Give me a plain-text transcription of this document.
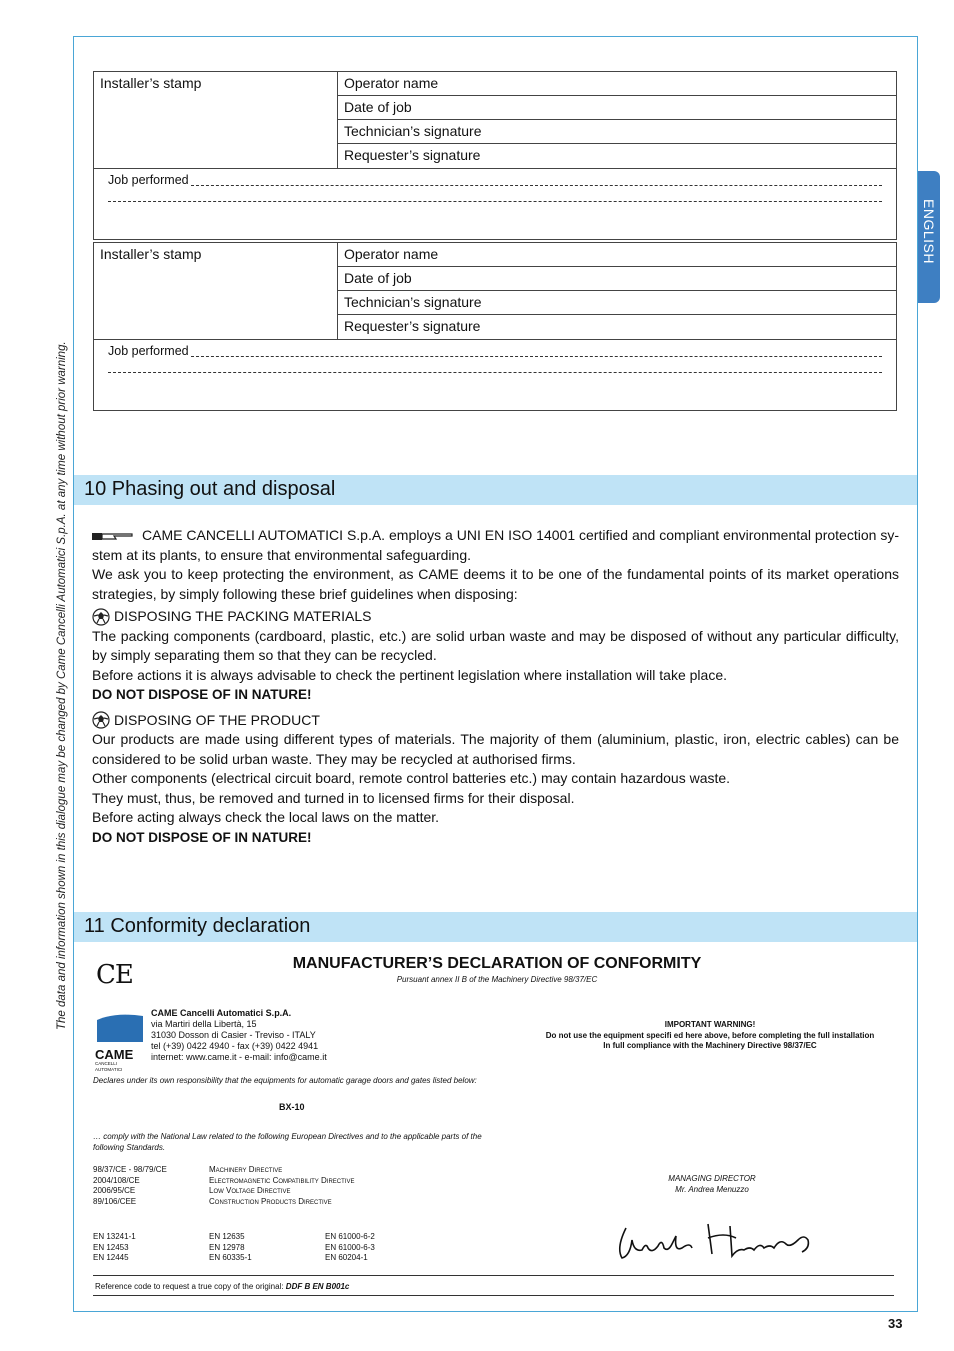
The data and information shown in this dialogue may be changed by Came Cancelli Automatici S.p.A. at any time without prior warning.
ENGLISH
Installer’s stamp	Operator name
Date of job
Technician’s signature
Requester’s signature
Job performed
Installer’s stamp	Operator name
Date of job
Technician’s signature
Requester’s signature
Job performed
10 Phasing out and disposal

CAME CANCELLI AUTOMATICI S.p.A. employs a UNI EN ISO 14001 certified and compliant environmental protection sy-stem at its plants, to ensure that environmental safeguarding.

We ask you to keep protecting the environment, as CAME deems it to be one of the fundamental points of its market operations strategies, by simply following these brief guidelines when disposing:

DISPOSING THE PACKING MATERIALS

The packing components (cardboard, plastic, etc.) are solid urban waste and may be disposed of without any particular difficulty, by simply separating them so that they can be recycled.

Before actions it is always advisable to check the pertinent legislation where installation will take place.

DO NOT DISPOSE OF IN NATURE!

DISPOSING OF THE PRODUCT

Our products are made using different types of materials. The majority of them (aluminium, plastic, iron, electric cables) can be considered to be solid urban waste. They may be recycled at authorised firms.

Other components (electrical circuit board, remote control batteries etc.) may contain hazardous waste.

They must, thus, be removed and turned in to licensed firms for their disposal.

Before acting always check the local laws on the matter.

DO NOT DISPOSE OF IN NATURE!

11 Conformity declaration
CE	MANUFACTURER’S DECLARATION OF CONFORMITY
Pursuant annex II B of the Machinery Directive 98/37/EC
CAME
CANCELLI AUTOMATICI
CAME Cancelli Automatici S.p.A.
via Martiri della Libertà, 15
31030 Dosson di Casier - Treviso - ITALY
tel (+39) 0422 4940 - fax (+39) 0422 4941
internet: www.came.it - e-mail: info@came.it
IMPORTANT WARNING!
Do not use the equipment specifi ed here above, before completing the full installation
In full compliance with the Machinery Directive 98/37/EC
Declares under its own responsibility that the equipments for automatic garage doors and gates listed below:
BX-10
… comply with the National Law related to the following European Directives and to the applicable parts of the following Standards.
98/37/CE - 98/79/CE	Machinery Directive
2004/108/CE	Electromagnetic Compatibility Directive
2006/95/CE	Low Voltage Directive
89/106/CEE	Construction Products Directive
EN 13241-1	EN 12635	EN 61000-6-2
EN 12453	EN 12978	EN 61000-6-3
EN 12445	EN 60335-1	EN 60204-1
MANAGING DIRECTOR
Mr. Andrea Menuzzo
Reference code to request a true copy of the original: DDF B EN B001c
33
